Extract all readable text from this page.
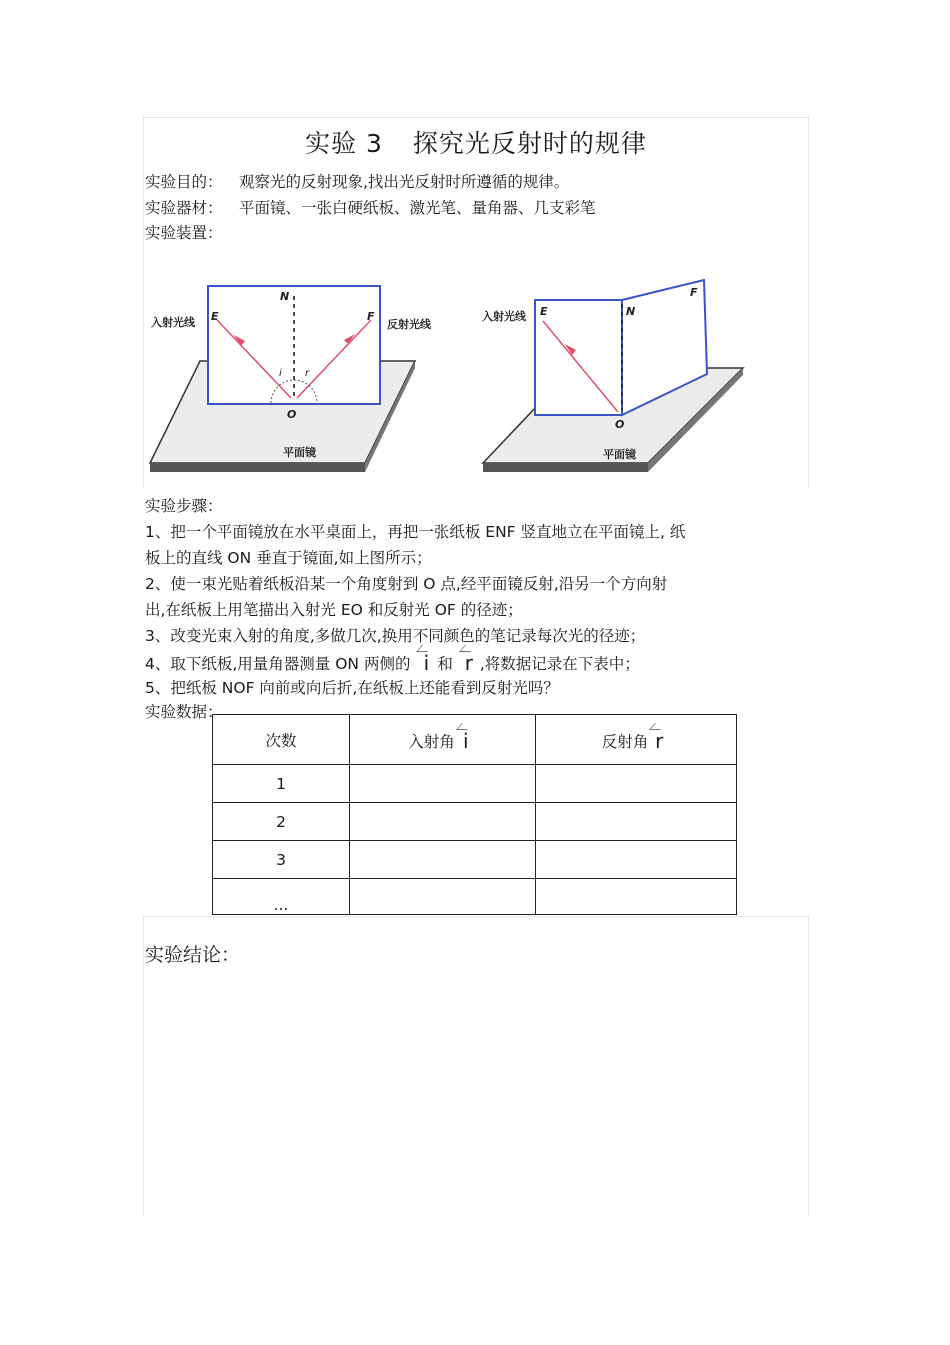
实验 3 探究光反射时的规律
实验目的： 观察光的反射现象,找出光反射时所遵循的规律。
实验器材： 平面镜、一张白硬纸板、激光笔、量角器、几支彩笔
实验装置：
入射光线	反射光线
N
E	F
O
i r
平面镜
入射光线	N
E
F
O
平面镜
实验步骤：
1、把一个平面镜放在水平桌面上，再把一张纸板 ENF 竖直地立在平面镜上, 纸
板上的直线 ON 垂直于镜面,如上图所示；
2、使一束光贴着纸板沿某一个角度射到 O 点,经平面镜反射,沿另一个方向射
出,在纸板上用笔描出入射光 EO 和反射光 OF 的径迹；
3、改变光束入射的角度,多做几次,换用不同颜色的笔记录每次光的径迹；
4、取下纸板,用量角器测量 ON 两侧的 i 和 r ,将数据记录在下表中；
5、把纸板 NOF 向前或向后折,在纸板上还能看到反射光吗？
实验数据：
次数	入射角 i	反射角 r
1		
2		
3		
...		
实验结论：
